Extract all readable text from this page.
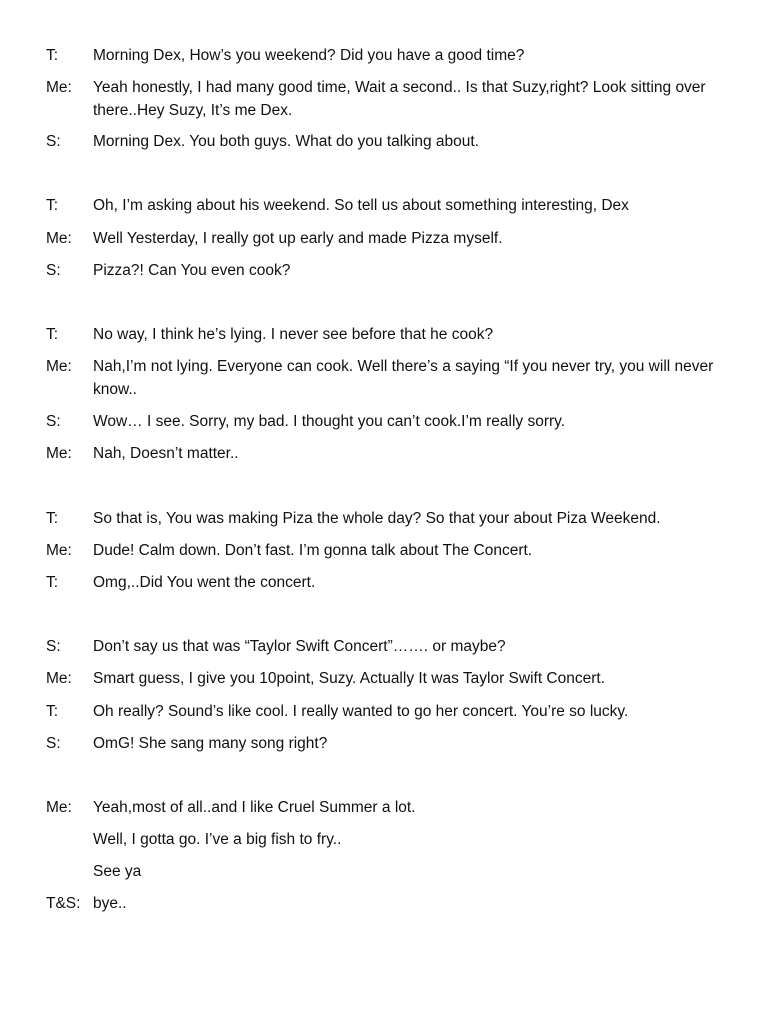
T: Morning Dex, How’s you weekend? Did you have a good time?
Me: Yeah honestly, I had many good time, Wait a second.. Is that Suzy,right? Look sitting over there..Hey Suzy, It’s me Dex.
S: Morning Dex. You both guys. What do you talking about.
T: Oh, I’m asking about his weekend. So tell us about something interesting, Dex
Me: Well Yesterday, I really got up early and made Pizza myself.
S: Pizza?! Can You even cook?
T: No way, I think he’s lying. I never see before that he cook?
Me: Nah,I’m not lying. Everyone can cook. Well there’s a saying “If you never try, you will never know..
S: Wow… I see. Sorry, my bad. I thought you can’t cook.I’m really sorry.
Me: Nah, Doesn’t matter..
T: So that is, You was making Piza the whole day? So that your about Piza Weekend.
Me: Dude! Calm down. Don’t fast. I’m gonna talk about The Concert.
T: Omg,..Did You went the concert.
S: Don’t say us that was “Taylor Swift Concert”……. or maybe?
Me: Smart guess, I give you 10point, Suzy. Actually It was Taylor Swift Concert.
T: Oh really? Sound’s like cool. I really wanted to go her concert. You’re so lucky.
S: OmG! She sang many song right?
Me: Yeah,most of all..and I like Cruel Summer a lot.
Well, I gotta go. I’ve a big fish to fry..
See ya
T&S: bye..
